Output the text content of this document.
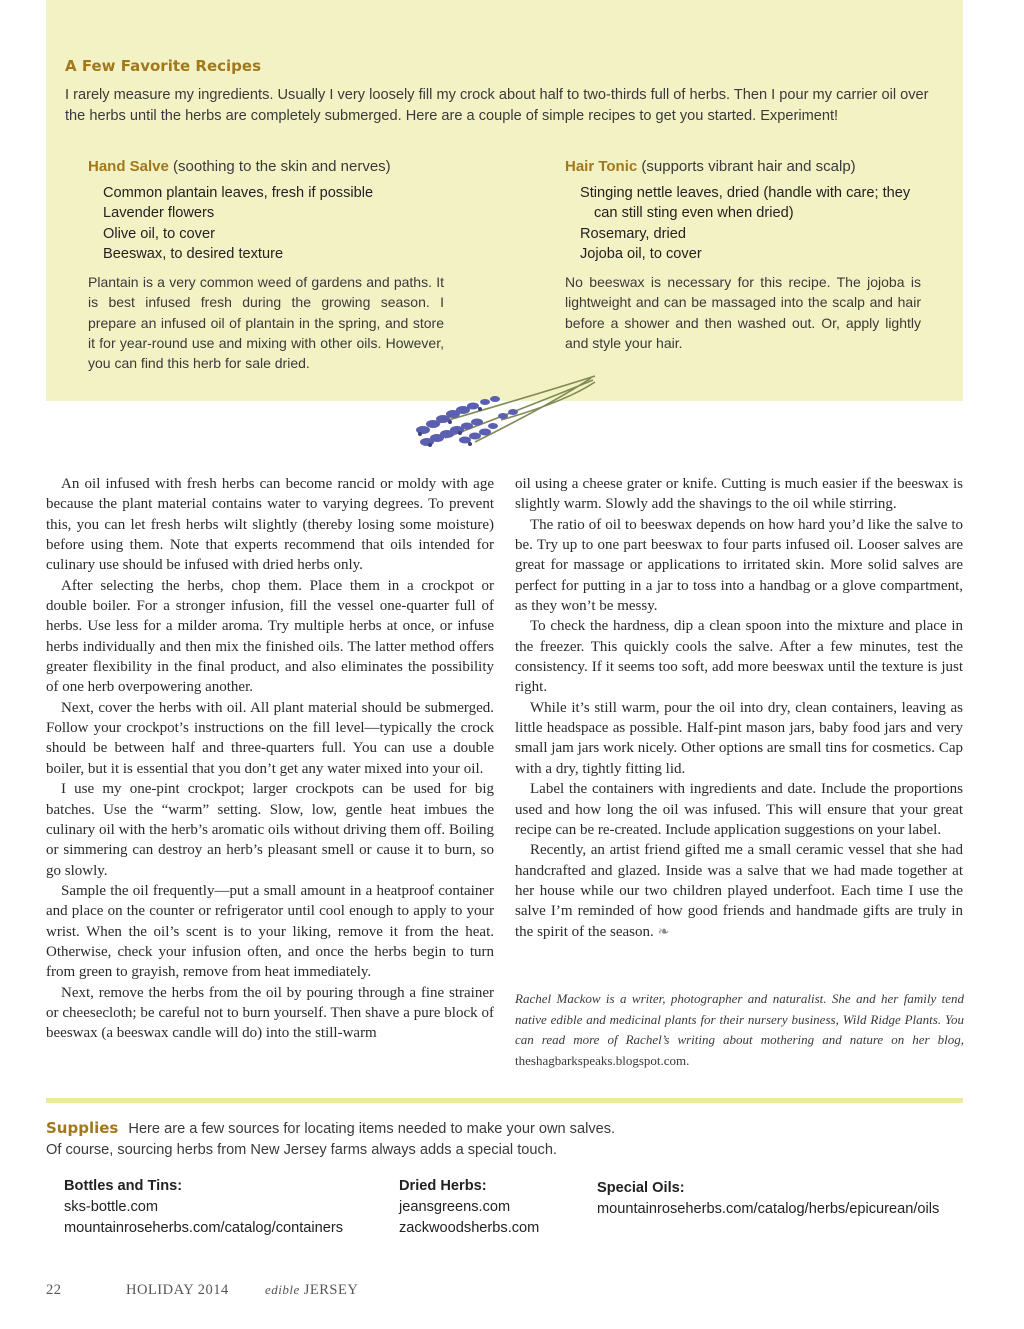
A Few Favorite Recipes

I rarely measure my ingredients. Usually I very loosely fill my crock about half to two-thirds full of herbs. Then I pour my carrier oil over the herbs until the herbs are completely submerged. Here are a couple of simple recipes to get you started. Experiment!

Hand Salve (soothing to the skin and nerves)

Common plantain leaves, fresh if possible
Lavender flowers
Olive oil, to cover
Beeswax, to desired texture

Plantain is a very common weed of gardens and paths. It is best infused fresh during the growing season. I prepare an infused oil of plantain in the spring, and store it for year-round use and mixing with other oils. However, you can find this herb for sale dried.

Hair Tonic (supports vibrant hair and scalp)

Stinging nettle leaves, dried (handle with care; they can still sting even when dried)
Rosemary, dried
Jojoba oil, to cover

No beeswax is necessary for this recipe. The jojoba is lightweight and can be massaged into the scalp and hair before a shower and then washed out. Or, apply lightly and style your hair.

An oil infused with fresh herbs can become rancid or moldy with age because the plant material contains water to varying degrees. To prevent this, you can let fresh herbs wilt slightly (thereby losing some moisture) before using them. Note that experts recommend that oils intended for culinary use should be infused with dried herbs only.

After selecting the herbs, chop them. Place them in a crockpot or double boiler. For a stronger infusion, fill the vessel one-quarter full of herbs. Use less for a milder aroma. Try multiple herbs at once, or infuse herbs individually and then mix the finished oils. The latter method offers greater flexibility in the final product, and also eliminates the possibility of one herb overpowering another.

Next, cover the herbs with oil. All plant material should be submerged. Follow your crockpot’s instructions on the fill level—typically the crock should be between half and three-quarters full. You can use a double boiler, but it is essential that you don’t get any water mixed into your oil.

I use my one-pint crockpot; larger crockpots can be used for big batches. Use the “warm” setting. Slow, low, gentle heat imbues the culinary oil with the herb’s aromatic oils without driving them off. Boiling or simmering can destroy an herb’s pleasant smell or cause it to burn, so go slowly.

Sample the oil frequently—put a small amount in a heatproof container and place on the counter or refrigerator until cool enough to apply to your wrist. When the oil’s scent is to your liking, remove it from the heat. Otherwise, check your infusion often, and once the herbs begin to turn from green to grayish, remove from heat immediately.

Next, remove the herbs from the oil by pouring through a fine strainer or cheesecloth; be careful not to burn yourself. Then shave a pure block of beeswax (a beeswax candle will do) into the still-warm

oil using a cheese grater or knife. Cutting is much easier if the beeswax is slightly warm. Slowly add the shavings to the oil while stirring.

The ratio of oil to beeswax depends on how hard you’d like the salve to be. Try up to one part beeswax to four parts infused oil. Looser salves are great for massage or applications to irritated skin. More solid salves are perfect for putting in a jar to toss into a handbag or a glove compartment, as they won’t be messy.

To check the hardness, dip a clean spoon into the mixture and place in the freezer. This quickly cools the salve. After a few minutes, test the consistency. If it seems too soft, add more beeswax until the texture is just right.

While it’s still warm, pour the oil into dry, clean containers, leaving as little headspace as possible. Half-pint mason jars, baby food jars and very small jam jars work nicely. Other options are small tins for cosmetics. Cap with a dry, tightly fitting lid.

Label the containers with ingredients and date. Include the proportions used and how long the oil was infused. This will ensure that your great recipe can be re-created. Include application suggestions on your label.

Recently, an artist friend gifted me a small ceramic vessel that she had handcrafted and glazed. Inside was a salve that we had made together at her house while our two children played underfoot. Each time I use the salve I’m reminded of how good friends and handmade gifts are truly in the spirit of the season. ❧

Rachel Mackow is a writer, photographer and naturalist. She and her family tend native edible and medicinal plants for their nursery business, Wild Ridge Plants. You can read more of Rachel’s writing about mothering and nature on her blog, theshagbarkspeaks.blogspot.com.

Supplies Here are a few sources for locating items needed to make your own salves.
Of course, sourcing herbs from New Jersey farms always adds a special touch.

Bottles and Tins:
sks-bottle.com
mountainroseherbs.com/catalog/containers
Dried Herbs:
jeansgreens.com
zackwoodsherbs.com
Special Oils:
mountainroseherbs.com/catalog/herbs/epicurean/oils
22	HOLIDAY 2014	edible JERSEY
